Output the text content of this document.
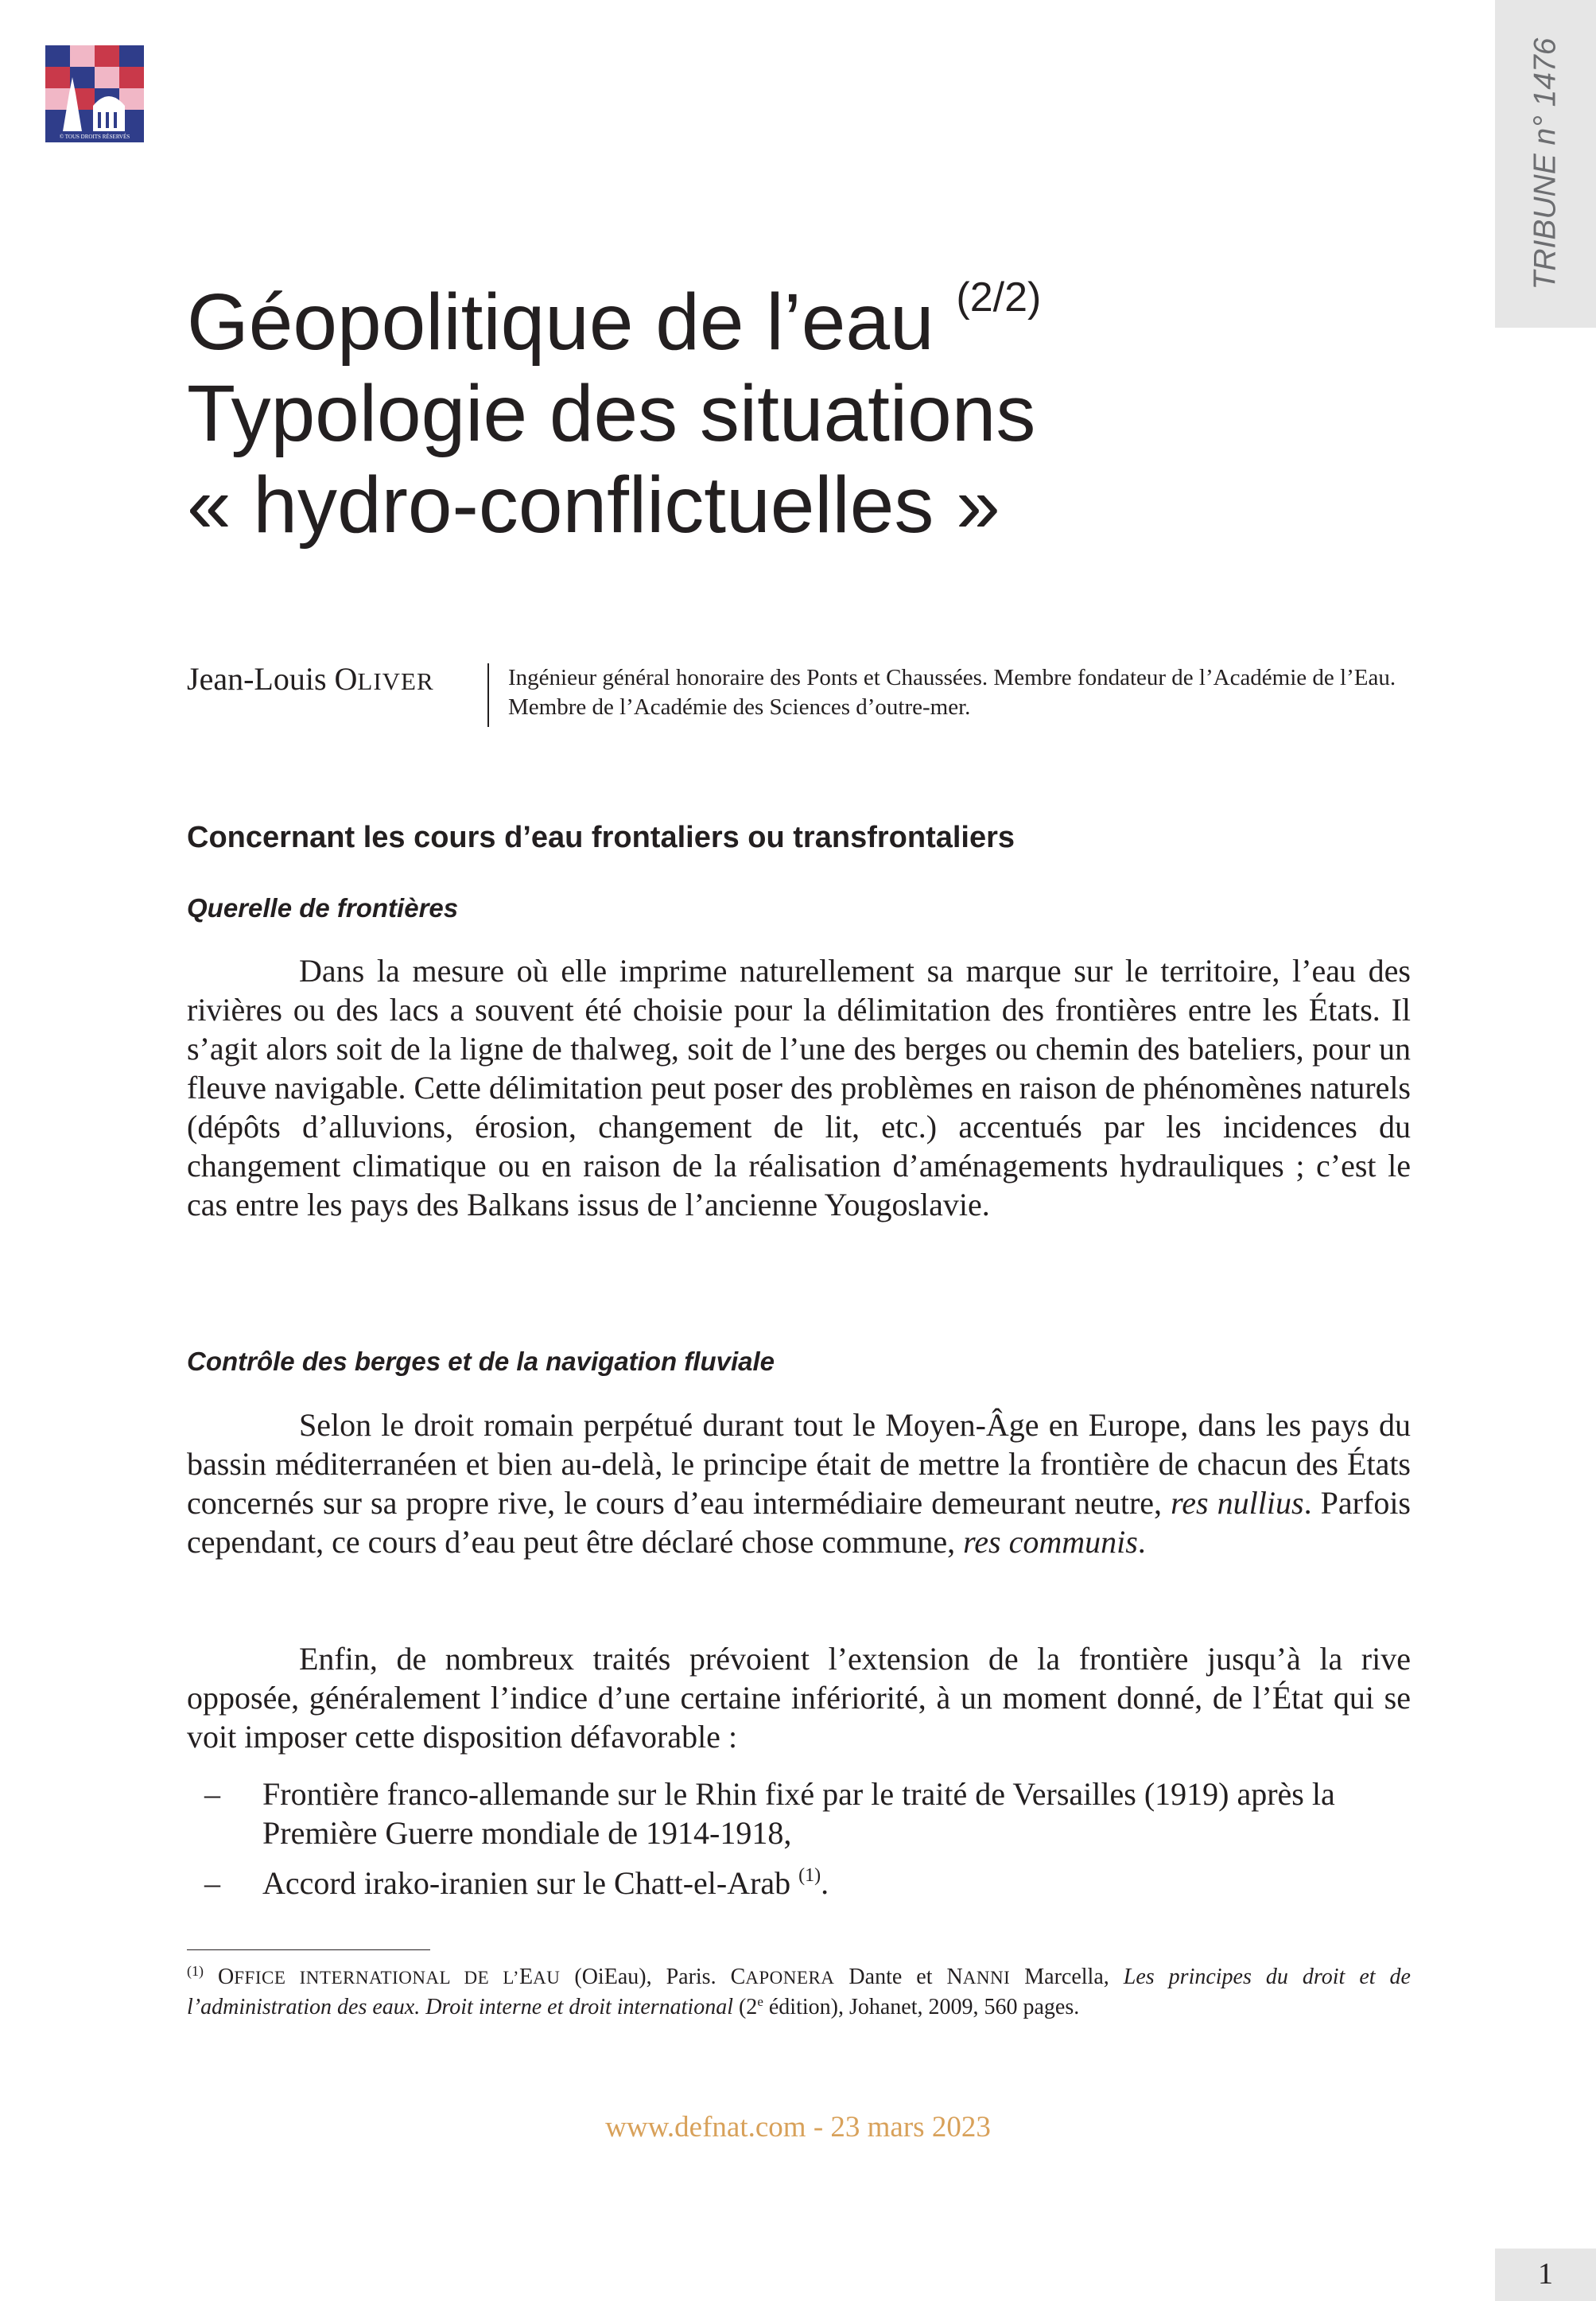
© TOUS DROITS RÉSERVÉS	TRIBUNE n° 1476
Géopolitique de l’eau $^{(2/2)}$
Typologie des situations
« hydro-conflictuelles »
Jean-Louis OLIVER	Ingénieur général honoraire des Ponts et Chaussées. Membre fondateur de l’Académie de l’Eau. Membre de l’Académie des Sciences d’outre-mer.
Concernant les cours d’eau frontaliers ou transfrontaliers
Querelle de frontières

Dans la mesure où elle imprime naturellement sa marque sur le territoire, l’eau des rivières ou des lacs a souvent été choisie pour la délimitation des frontières entre les États. Il s’agit alors soit de la ligne de thalweg, soit de l’une des berges ou chemin des bateliers, pour un fleuve navigable. Cette délimitation peut poser des problèmes en raison de phénomènes naturels (dépôts d’alluvions, érosion, changement de lit, etc.) accentués par les incidences du changement climatique ou en raison de la réalisation d’aménagements hydrauliques ; c’est le cas entre les pays des Balkans issus de l’ancienne Yougoslavie.

Contrôle des berges et de la navigation fluviale

Selon le droit romain perpétué durant tout le Moyen-Âge en Europe, dans les pays du bassin méditerranéen et bien au-delà, le principe était de mettre la frontière de chacun des États concernés sur sa propre rive, le cours d’eau intermédiaire demeurant neutre, res nullius. Parfois cependant, ce cours d’eau peut être déclaré chose commune, res communis.

Enfin, de nombreux traités prévoient l’extension de la frontière jusqu’à la rive opposée, généralement l’indice d’une certaine infériorité, à un moment donné, de l’État qui se voit imposer cette disposition défavorable :

– Frontière franco-allemande sur le Rhin fixé par le traité de Versailles (1919) après la Première Guerre mondiale de 1914-1918,
– Accord irako-iranien sur le Chatt-el-Arab $^{(1)}$.

$^{(1)}$ OFFICE INTERNATIONAL DE L’EAU (OiEau), Paris. CAPONERA Dante et NANNI Marcella, Les principes du droit et de l’administration des eaux. Droit interne et droit international (2e édition), Johanet, 2009, 560 pages.

www.defnat.com - 23 mars 2023
1
